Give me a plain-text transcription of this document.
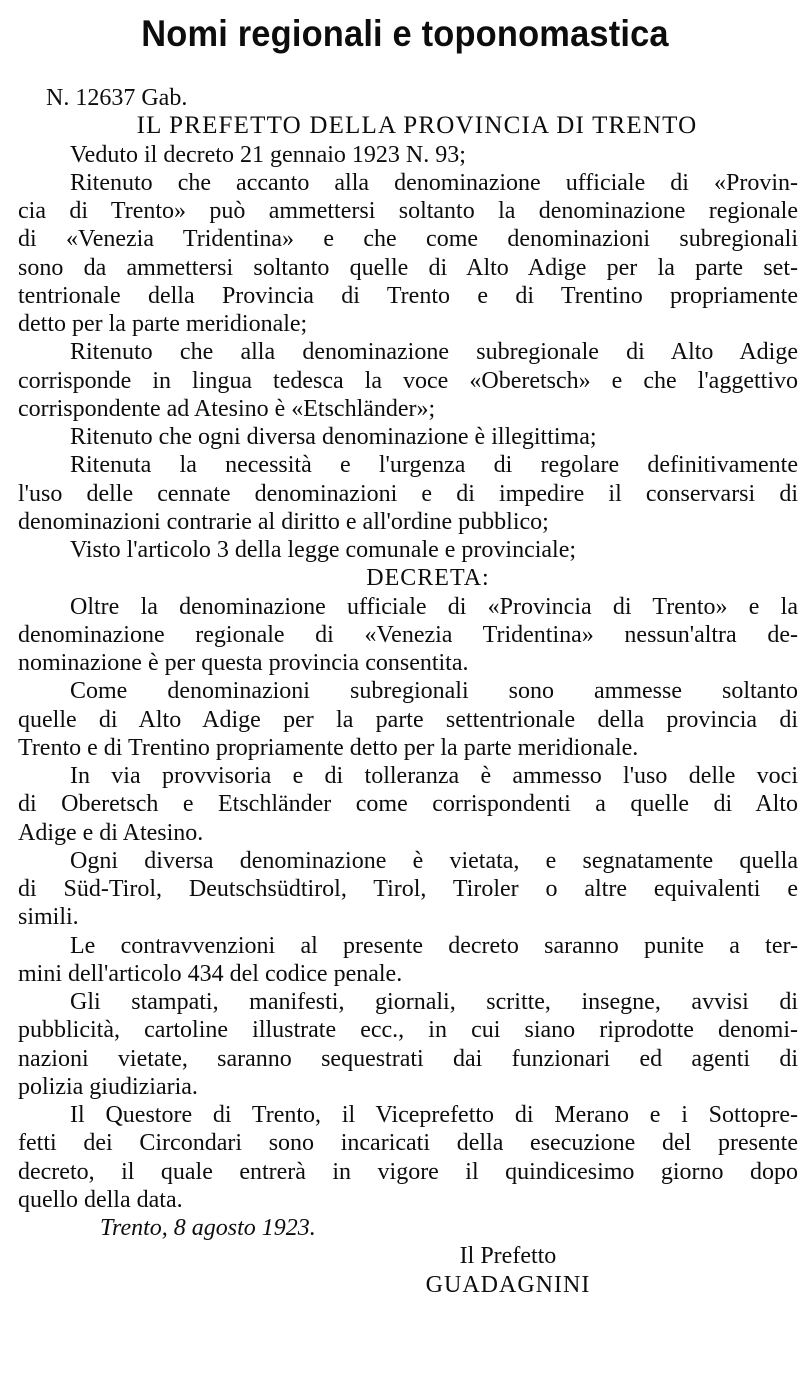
Nomi regionali e toponomastica
N. 12637 Gab.
IL PREFETTO DELLA PROVINCIA DI TRENTO
Veduto il decreto 21 gennaio 1923 N. 93;
Ritenuto che accanto alla denominazione ufficiale di «Provin-
cia di Trento» può ammettersi soltanto la denominazione regionale
di «Venezia Tridentina» e che come denominazioni subregionali
sono da ammettersi soltanto quelle di Alto Adige per la parte set-
tentrionale della Provincia di Trento e di Trentino propriamente
detto per la parte meridionale;
Ritenuto che alla denominazione subregionale di Alto Adige
corrisponde in lingua tedesca la voce «Oberetsch» e che l'aggettivo
corrispondente ad Atesino è «Etschländer»;
Ritenuto che ogni diversa denominazione è illegittima;
Ritenuta la necessità e l'urgenza di regolare definitivamente
l'uso delle cennate denominazioni e di impedire il conservarsi di
denominazioni contrarie al diritto e all'ordine pubblico;
Visto l'articolo 3 della legge comunale e provinciale;
DECRETA:
Oltre la denominazione ufficiale di «Provincia di Trento» e la
denominazione regionale di «Venezia Tridentina» nessun'altra de-
nominazione è per questa provincia consentita.
Come denominazioni subregionali sono ammesse soltanto
quelle di Alto Adige per la parte settentrionale della provincia di
Trento e di Trentino propriamente detto per la parte meridionale.
In via provvisoria e di tolleranza è ammesso l'uso delle voci
di Oberetsch e Etschländer come corrispondenti a quelle di Alto
Adige e di Atesino.
Ogni diversa denominazione è vietata, e segnatamente quella
di Süd-Tirol, Deutschsüdtirol, Tirol, Tiroler o altre equivalenti e
simili.
Le contravvenzioni al presente decreto saranno punite a ter-
mini dell'articolo 434 del codice penale.
Gli stampati, manifesti, giornali, scritte, insegne, avvisi di
pubblicità, cartoline illustrate ecc., in cui siano riprodotte denomi-
nazioni vietate, saranno sequestrati dai funzionari ed agenti di
polizia giudiziaria.
Il Questore di Trento, il Viceprefetto di Merano e i Sottopre-
fetti dei Circondari sono incaricati della esecuzione del presente
decreto, il quale entrerà in vigore il quindicesimo giorno dopo
quello della data.
Trento, 8 agosto 1923.
Il Prefetto
GUADAGNINI
